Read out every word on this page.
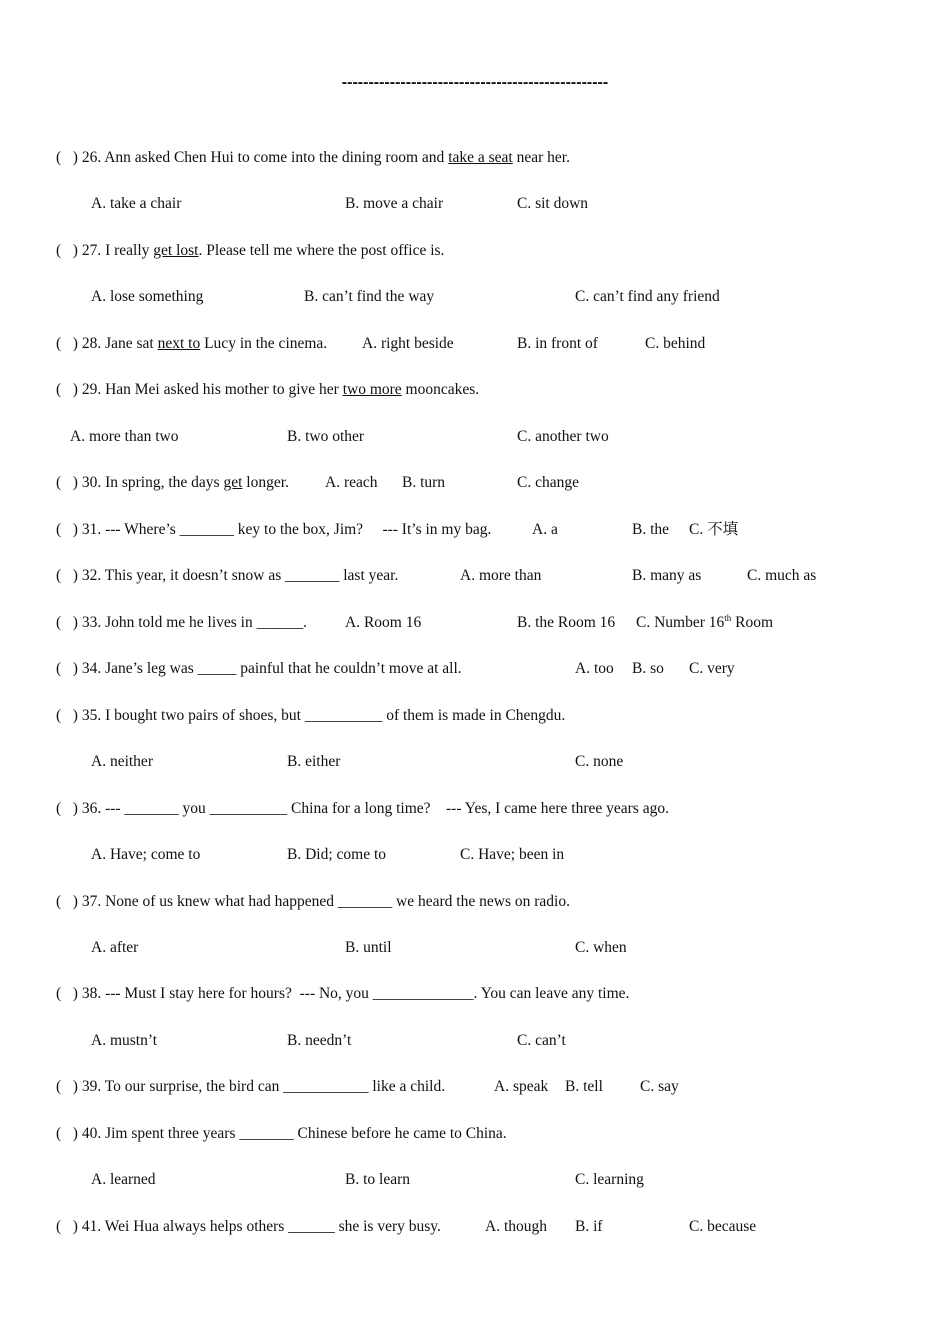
--------------------------------------------------
(   ) 26. Ann asked Chen Hui to come into the dining room and take a seat near her.
A. take a chair	B. move a chair	C. sit down
(   ) 27. I really get lost. Please tell me where the post office is.
A. lose something	B. can’t find the way	C. can’t find any friend
(   ) 28. Jane sat next to Lucy in the cinema. A. right beside	B. in front of	C. behind
(   ) 29. Han Mei asked his mother to give her two more mooncakes.
A. more than two	B. two other	C. another two
(   ) 30. In spring, the days get longer. A. reach B. turn	C. change
(   ) 31. --- Where’s _______ key to the box, Jim?     --- It’s in my bag.	A. a	B. the C. 不填
(   ) 32. This year, it doesn’t snow as _______ last year.	A. more than	B. many as	C. much as
(   ) 33. John told me he lives in ______. A. Room 16	B. the Room 16 C. Number 16th Room
(   ) 34. Jane’s leg was _____ painful that he couldn’t move at all.	A. too B. so C. very
(   ) 35. I bought two pairs of shoes, but __________ of them is made in Chengdu.
A. neither	B. either	C. none
(   ) 36. --- _______ you __________ China for a long time?    --- Yes, I came here three years ago.
A. Have; come to	B. Did; come to	C. Have; been in
(   ) 37. None of us knew what had happened _______ we heard the news on radio.
A. after	B. until	C. when
(   ) 38. --- Must I stay here for hours?  --- No, you _____________. You can leave any time.
A. mustn’t	B. needn’t	C. can’t
(   ) 39. To our surprise, the bird can ___________ like a child.	A. speak B. tell C. say
(   ) 40. Jim spent three years _______ Chinese before he came to China.
A. learned	B. to learn	C. learning
(   ) 41. Wei Hua always helps others ______ she is very busy.	A. though B. if	C. because
